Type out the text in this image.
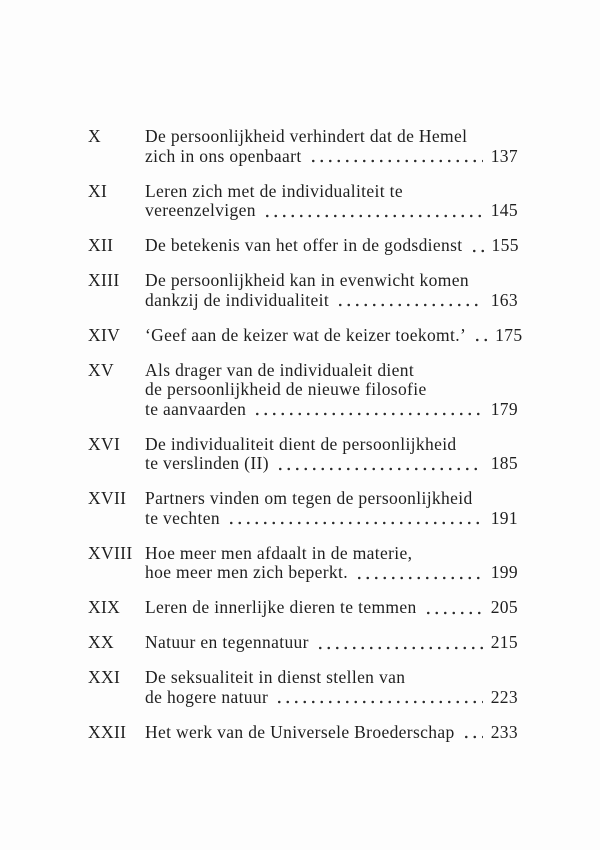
X	De persoonlijkheid verhindert dat de Hemel
zich in ons openbaart	137
XI	Leren zich met de individualiteit te
vereenzelvigen	145
XII	De betekenis van het offer in de godsdienst 155
XIII	De persoonlijkheid kan in evenwicht komen
dankzij de individualiteit	163
XIV	‘Geef aan de keizer wat de keizer toekomt.’ 175
XV	Als drager van de individualeit dient
de persoonlijkheid de nieuwe filosofie
te aanvaarden	179
XVI	De individualiteit dient de persoonlijkheid
te verslinden (II)	185
XVII	Partners vinden om tegen de persoonlijkheid
te vechten	191
XVIII Hoe meer men afdaalt in de materie,
hoe meer men zich beperkt.	199
XIX	Leren de innerlijke dieren te temmen	205
XX	Natuur en tegennatuur	215
XXI	De seksualiteit in dienst stellen van
de hogere natuur	223
XXII	Het werk van de Universele Broederschap 233
